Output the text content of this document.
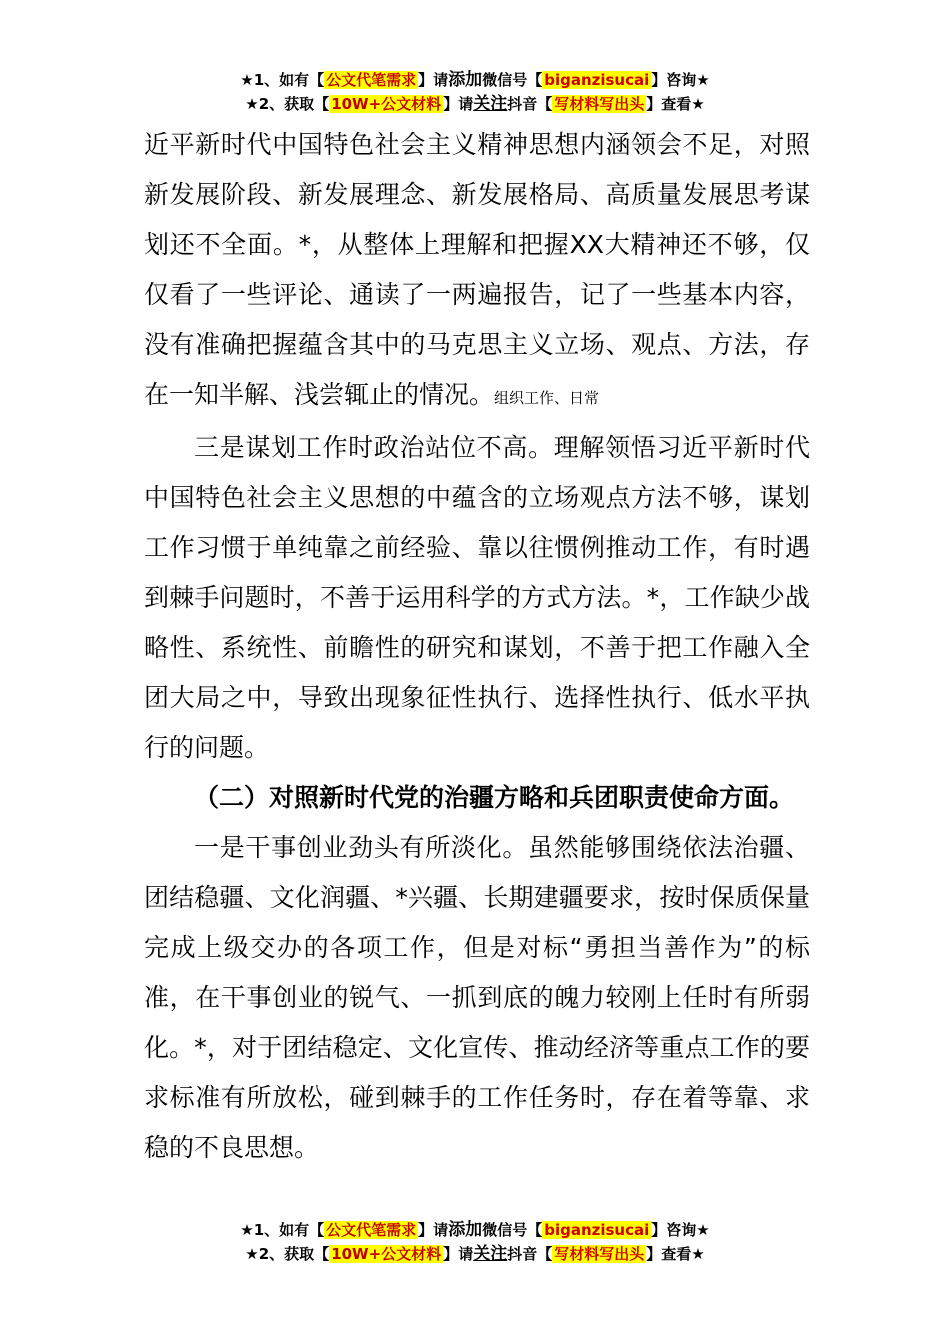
★1、如有【 公文代笔需求 】请添加微信号【 biganzisucai 】咨询★
★2、获取【 10W+公文材料 】请关注抖音【 写材料写出头 】查看★

近平新时代中国特色社会主义精神思想内涵领会不足，对照新发展阶段、新发展理念、新发展格局、高质量发展思考谋划还不全面。*，从整体上理解和把握XX大精神还不够，仅仅看了一些评论、通读了一两遍报告，记了一些基本内容，没有准确把握蕴含其中的马克思主义立场、观点、方法，存在一知半解、浅尝辄止的情况。组织工作、日常

三是谋划工作时政治站位不高。理解领悟习近平新时代中国特色社会主义思想的中蕴含的立场观点方法不够，谋划工作习惯于单纯靠之前经验、靠以往惯例推动工作，有时遇到棘手问题时，不善于运用科学的方式方法。*，工作缺少战略性、系统性、前瞻性的研究和谋划，不善于把工作融入全团大局之中，导致出现象征性执行、选择性执行、低水平执行的问题。

（二）对照新时代党的治疆方略和兵团职责使命方面。

一是干事创业劲头有所淡化。虽然能够围绕依法治疆、团结稳疆、文化润疆、*兴疆、长期建疆要求，按时保质保量完成上级交办的各项工作，但是对标“勇担当善作为”的标准，在干事创业的锐气、一抓到底的魄力较刚上任时有所弱化。*，对于团结稳定、文化宣传、推动经济等重点工作的要求标准有所放松，碰到棘手的工作任务时，存在着等靠、求稳的不良思想。

★1、如有【 公文代笔需求 】请添加微信号【 biganzisucai 】咨询★
★2、获取【 10W+公文材料 】请关注抖音【 写材料写出头 】查看★
